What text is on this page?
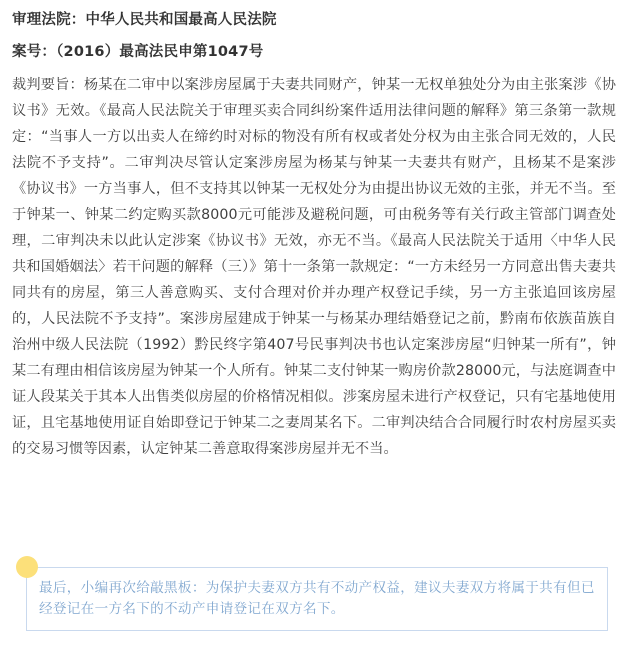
审理法院：中华人民共和国最高人民法院

案号：（2016）最高法民申第1047号

裁判要旨：杨某在二审中以案涉房屋属于夫妻共同财产，钟某一无权单独处分为由主张案涉《协议书》无效。《最高人民法院关于审理买卖合同纠纷案件适用法律问题的解释》第三条第一款规定：“当事人一方以出卖人在缔约时对标的物没有所有权或者处分权为由主张合同无效的，人民法院不予支持”。二审判决尽管认定案涉房屋为杨某与钟某一夫妻共有财产，且杨某不是案涉《协议书》一方当事人，但不支持其以钟某一无权处分为由提出协议无效的主张，并无不当。至于钟某一、钟某二约定购买款8000元可能涉及避税问题，可由税务等有关行政主管部门调查处理，二审判决未以此认定涉案《协议书》无效，亦无不当。《最高人民法院关于适用〈中华人民共和国婚姻法〉若干问题的解释（三）》第十一条第一款规定：“一方未经另一方同意出售夫妻共同共有的房屋，第三人善意购买、支付合理对价并办理产权登记手续，另一方主张追回该房屋的，人民法院不予支持”。案涉房屋建成于钟某一与杨某办理结婚登记之前，黔南布依族苗族自治州中级人民法院（1992）黔民终字第407号民事判决书也认定案涉房屋“归钟某一所有”，钟某二有理由相信该房屋为钟某一个人所有。钟某二支付钟某一购房价款28000元，与法庭调查中证人段某关于其本人出售类似房屋的价格情况相似。涉案房屋未进行产权登记，只有宅基地使用证，且宅基地使用证自始即登记于钟某二之妻周某名下。二审判决结合合同履行时农村房屋买卖的交易习惯等因素，认定钟某二善意取得案涉房屋并无不当。

最后，小编再次给敲黑板：为保护夫妻双方共有不动产权益，建议夫妻双方将属于共有但已经登记在一方名下的不动产申请登记在双方名下。
